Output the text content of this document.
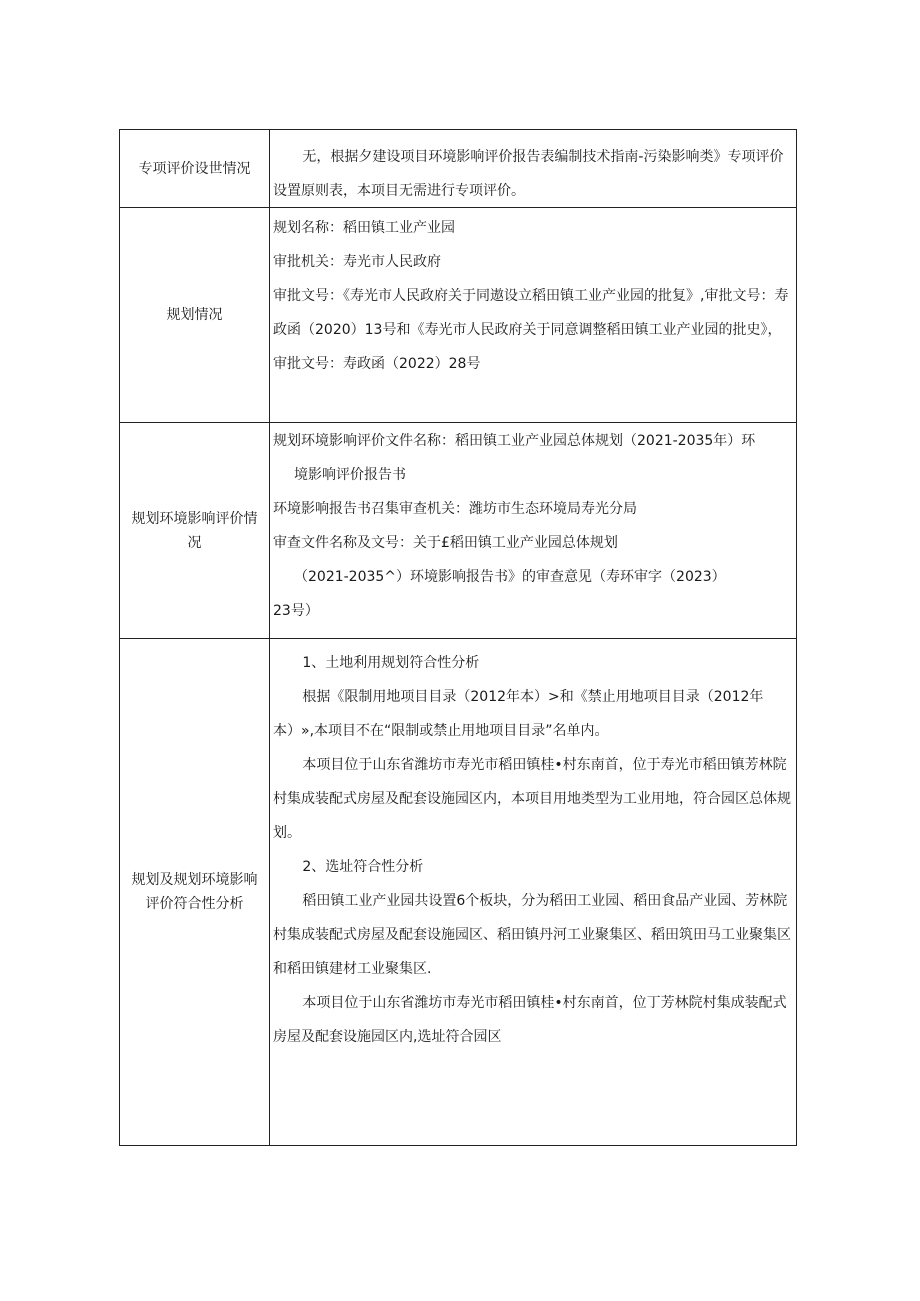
专项评价设世情况

无，根据夕建设项目环境影响评价报告表编制技术指南-污染影响类》专项评价设置原则表，本项目无需进行专项评价。

规划情况

规划名称：稻田镇工业产业园

审批机关：寿光市人民政府

审批文号：《寿光市人民政府关于同遨设立稻田镇工业产业园的批复》,审批文号：寿政函（2020）13号和《寿光市人民政府关于同意调整稻田镇工业产业园的批史》，审批文号：寿政函（2022）28号

规划环境影响评价情况

规划环境影响评价文件名称：稻田镇工业产业园总体规划（2021-2035年）环

境影响评价报告书

环境影响报告书召集审查机关：潍坊市生态环境局寿光分局

审查文件名称及文号：关于£稻田镇工业产业园总体规划

（2021-2035^）环境影响报告书》的审查意见（寿环审字（2023）

23号）

规划及规划环境影响评价符合性分析

1、土地利用规划符合性分析

根据《限制用地项目目录（2012年本）>和《禁止用地项目目录（2012年本）»,本项目不在“限制或禁止用地项目目录”名单内。

本项目位于山东省潍坊市寿光市稻田镇桂•村东南首，位于寿光市稻田镇芳林院村集成装配式房屋及配套设施园区内，本项目用地类型为工业用地，符合园区总体规划。

2、选址符合性分析

稻田镇工业产业园共设置6个板块，分为稻田工业园、稻田食品产业园、芳林院村集成装配式房屋及配套设施园区、稻田镇丹河工业聚集区、稻田筑田马工业聚集区和稻田镇建材工业聚集区.

本项目位于山东省潍坊市寿光市稻田镇桂•村东南首，位丁芳林院村集成装配式房屋及配套设施园区内,选址符合园区
